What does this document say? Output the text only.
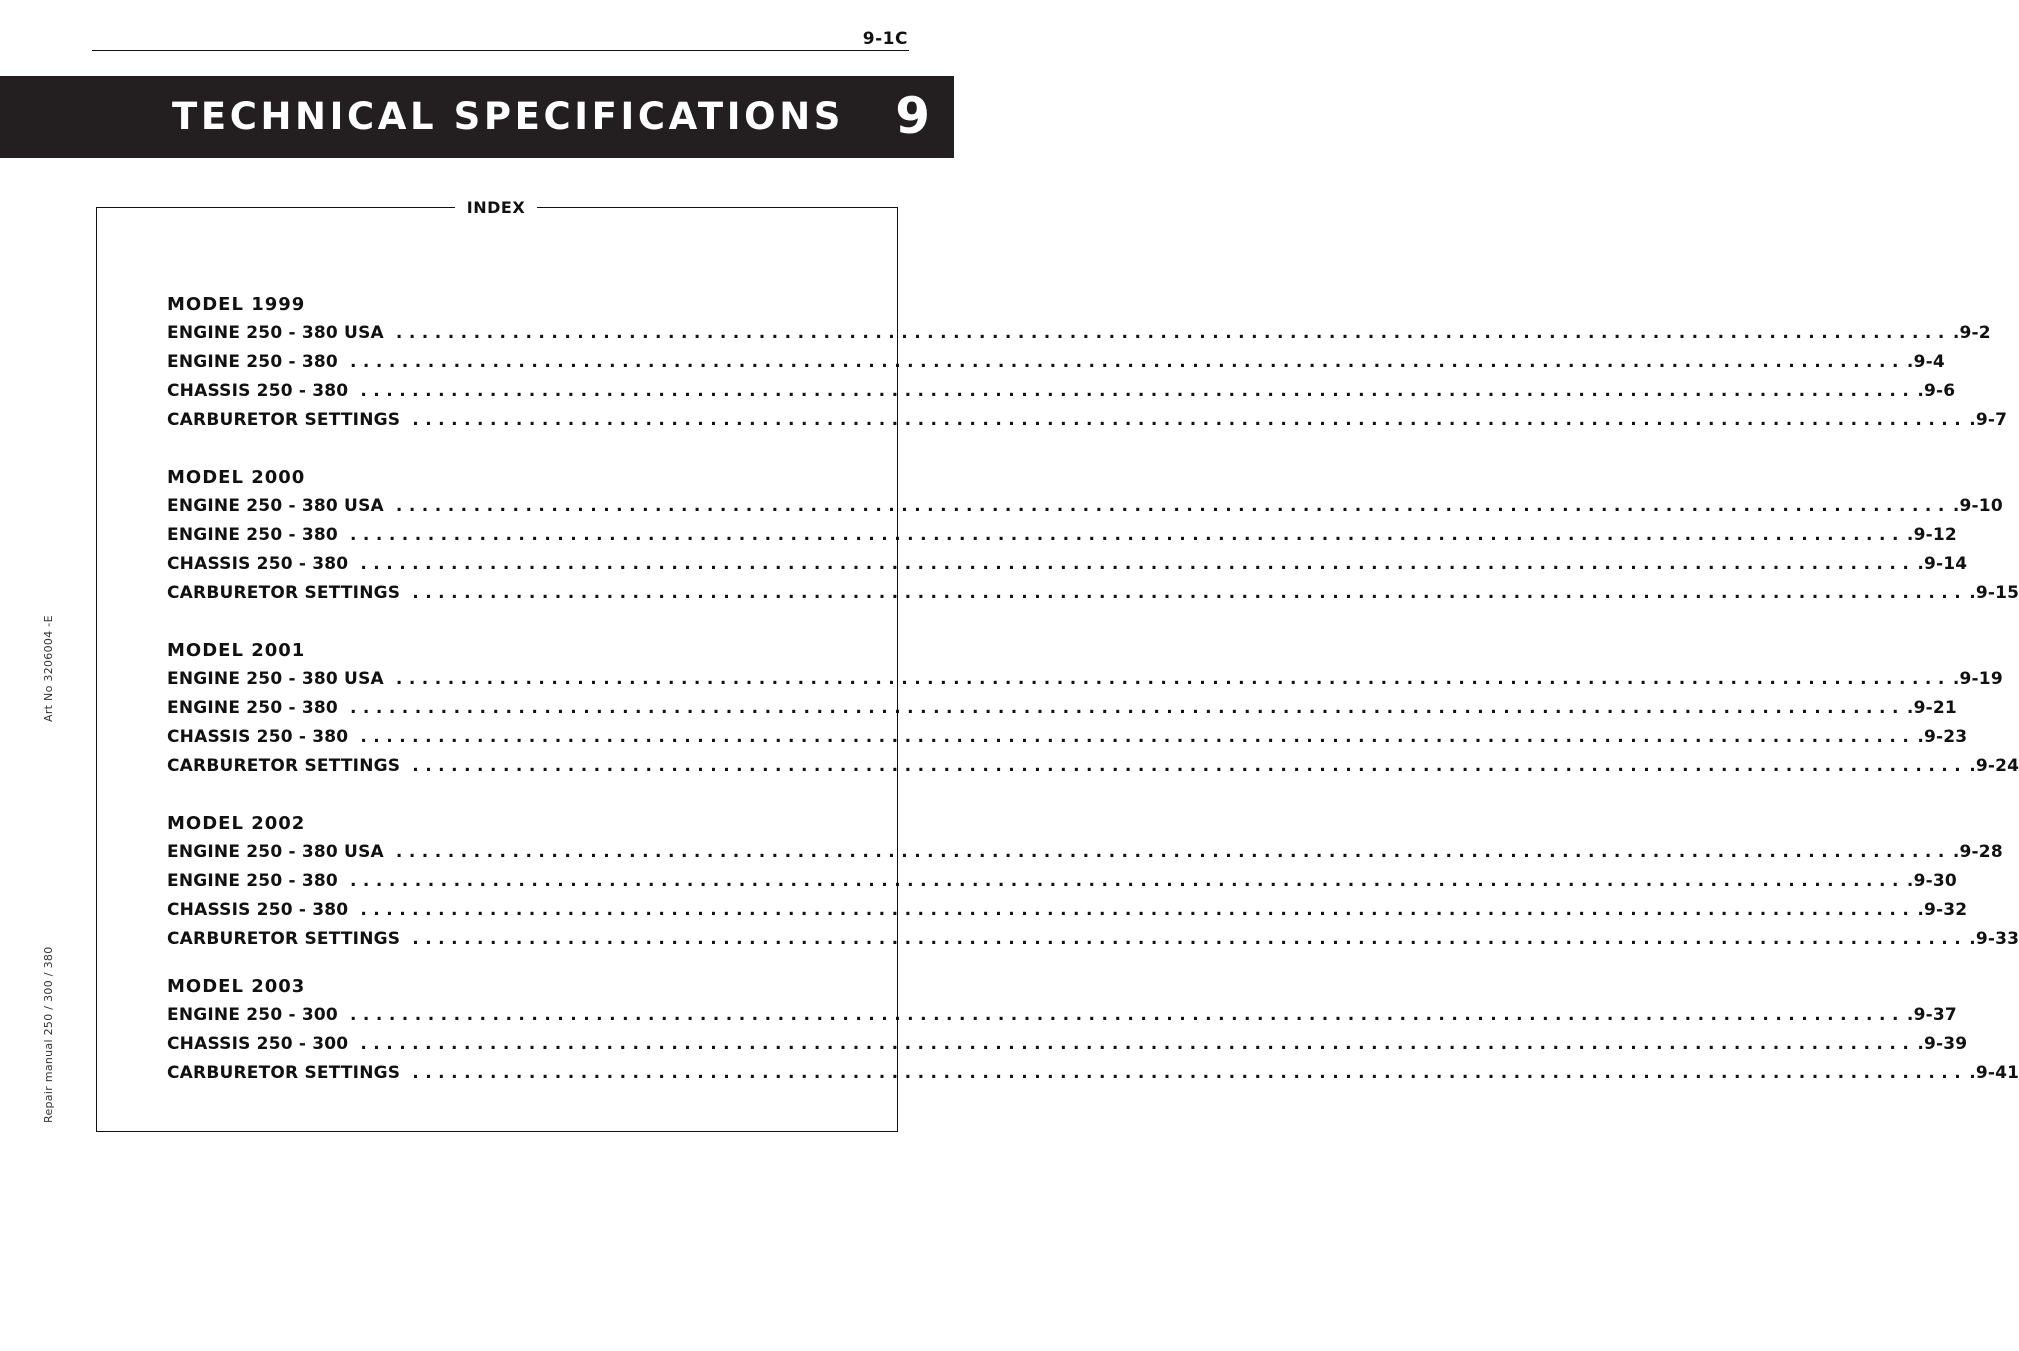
9-1C
TECHNICAL SPECIFICATIONS 9
INDEX
MODEL 1999
ENGINE 250 - 380 USA ........................................................................................................................ .9-2
ENGINE 250 - 380 ........................................................................................................................ .9-4
CHASSIS 250 - 380 ........................................................................................................................ .9-6
CARBURETOR SETTINGS ........................................................................................................................ .9-7
MODEL 2000
ENGINE 250 - 380 USA ........................................................................................................................ .9-10
ENGINE 250 - 380 ........................................................................................................................ .9-12
CHASSIS 250 - 380 ........................................................................................................................ .9-14
CARBURETOR SETTINGS ........................................................................................................................ .9-15
MODEL 2001
ENGINE 250 - 380 USA ........................................................................................................................ .9-19
ENGINE 250 - 380 ........................................................................................................................ .9-21
CHASSIS 250 - 380 ........................................................................................................................ .9-23
CARBURETOR SETTINGS ........................................................................................................................ .9-24
MODEL 2002
ENGINE 250 - 380 USA ........................................................................................................................ .9-28
ENGINE 250 - 380 ........................................................................................................................ .9-30
CHASSIS 250 - 380 ........................................................................................................................ .9-32
CARBURETOR SETTINGS ........................................................................................................................ .9-33
MODEL 2003
ENGINE 250 - 300 ........................................................................................................................ .9-37
CHASSIS 250 - 300 ........................................................................................................................ .9-39
CARBURETOR SETTINGS ........................................................................................................................ .9-41
Art No 3206004 -E
Repair manual 250 / 300 / 380
